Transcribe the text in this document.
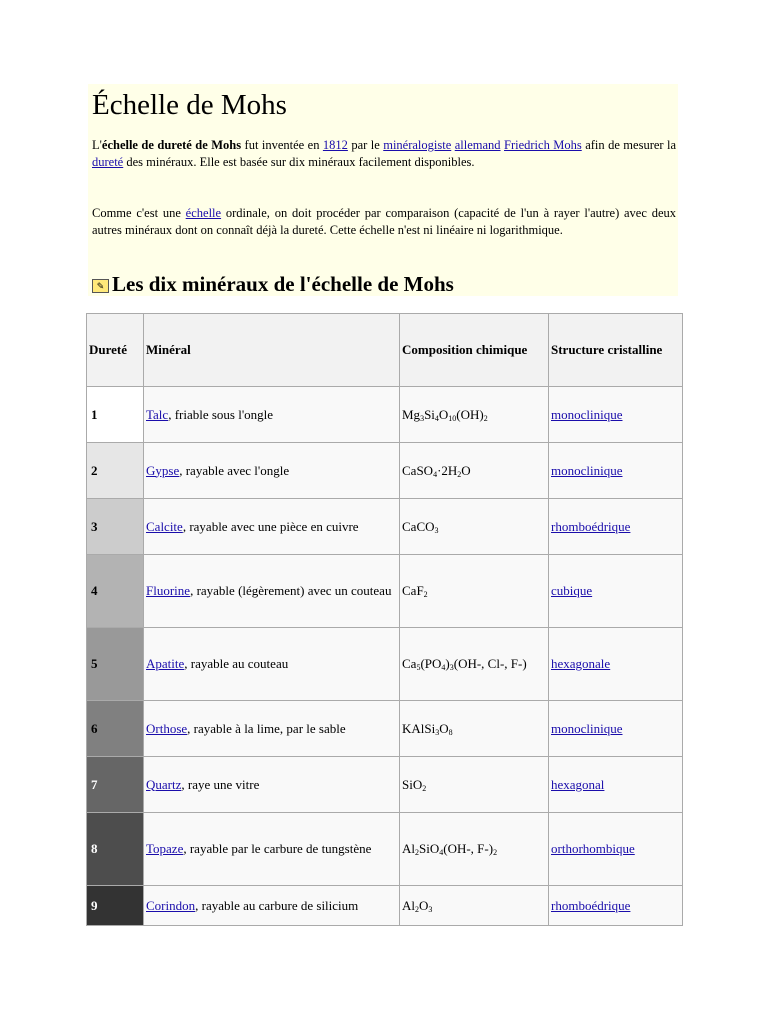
Échelle de Mohs

L'échelle de dureté de Mohs fut inventée en 1812 par le minéralogiste allemand Friedrich Mohs afin de mesurer la dureté des minéraux. Elle est basée sur dix minéraux facilement disponibles.

Comme c'est une échelle ordinale, on doit procéder par comparaison (capacité de l'un à rayer l'autre) avec deux autres minéraux dont on connaît déjà la dureté. Cette échelle n'est ni linéaire ni logarithmique.

✎ Les dix minéraux de l'échelle de Mohs
Dureté	Minéral	Composition chimique	Structure cristalline
1	Talc, friable sous l'ongle	$Mg_3Si_4O_{10}(OH)_2$	monoclinique
2	Gypse, rayable avec l'ongle	$CaSO_4\cdot 2H_2O$	monoclinique
3	Calcite, rayable avec une pièce en cuivre	CaCO$_3$	rhomboédrique
4	Fluorine, rayable (légèrement) avec un couteau	CaF$_2$	cubique
5	Apatite, rayable au couteau	$Ca_5(PO_4)_3(OH-$, Cl-, F-)	hexagonale
6	Orthose, rayable à la lime, par le sable	$KAlSi_3O_8$	monoclinique
7	Quartz, raye une vitre	SiO$_2$	hexagonal
8	Topaze, rayable par le carbure de tungstène	$Al_2SiO_4(OH-$, $F-)_2$	orthorhombique
9	Corindon, rayable au carbure de silicium	$Al_2O_3$	rhomboédrique
